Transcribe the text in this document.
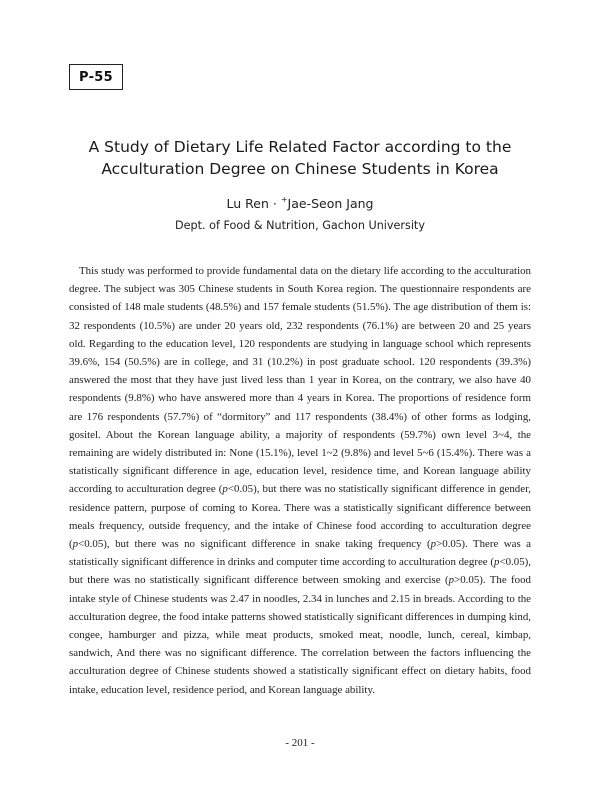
P-55
A Study of Dietary Life Related Factor according to the
Acculturation Degree on Chinese Students in Korea
Lu Ren · +Jae-Seon Jang
Dept. of Food & Nutrition, Gachon University

This study was performed to provide fundamental data on the dietary life according to the acculturation degree. The subject was 305 Chinese students in South Korea region. The questionnaire respondents are consisted of 148 male students (48.5%) and 157 female students (51.5%). The age distribution of them is: 32 respondents (10.5%) are under 20 years old, 232 respondents (76.1%) are between 20 and 25 years old. Regarding to the education level, 120 respondents are studying in language school which represents 39.6%, 154 (50.5%) are in college, and 31 (10.2%) in post graduate school. 120 respondents (39.3%) answered the most that they have just lived less than 1 year in Korea, on the contrary, we also have 40 respondents (9.8%) who have answered more than 4 years in Korea. The proportions of residence form are 176 respondents (57.7%) of “dormitory” and 117 respondents (38.4%) of other forms as lodging, gositel. About the Korean language ability, a majority of respondents (59.7%) own level 3~4, the remaining are widely distributed in: None (15.1%), level 1~2 (9.8%) and level 5~6 (15.4%). There was a statistically significant difference in age, education level, residence time, and Korean language ability according to acculturation degree (p<0.05), but there was no statistically significant difference in gender, residence pattern, purpose of coming to Korea. There was a statistically significant difference between meals frequency, outside frequency, and the intake of Chinese food according to acculturation degree (p<0.05), but there was no significant difference in snake taking frequency (p>0.05). There was a statistically significant difference in drinks and computer time according to acculturation degree (p<0.05), but there was no statistically significant difference between smoking and exercise (p>0.05). The food intake style of Chinese students was 2.47 in noodles, 2.34 in lunches and 2.15 in breads. According to the acculturation degree, the food intake patterns showed statistically significant differences in dumping kind, congee, hamburger and pizza, while meat products, smoked meat, noodle, lunch, cereal, kimbap, sandwich, And there was no significant difference. The correlation between the factors influencing the acculturation degree of Chinese students showed a statistically significant effect on dietary habits, food intake, education level, residence period, and Korean language ability.

- 201 -
